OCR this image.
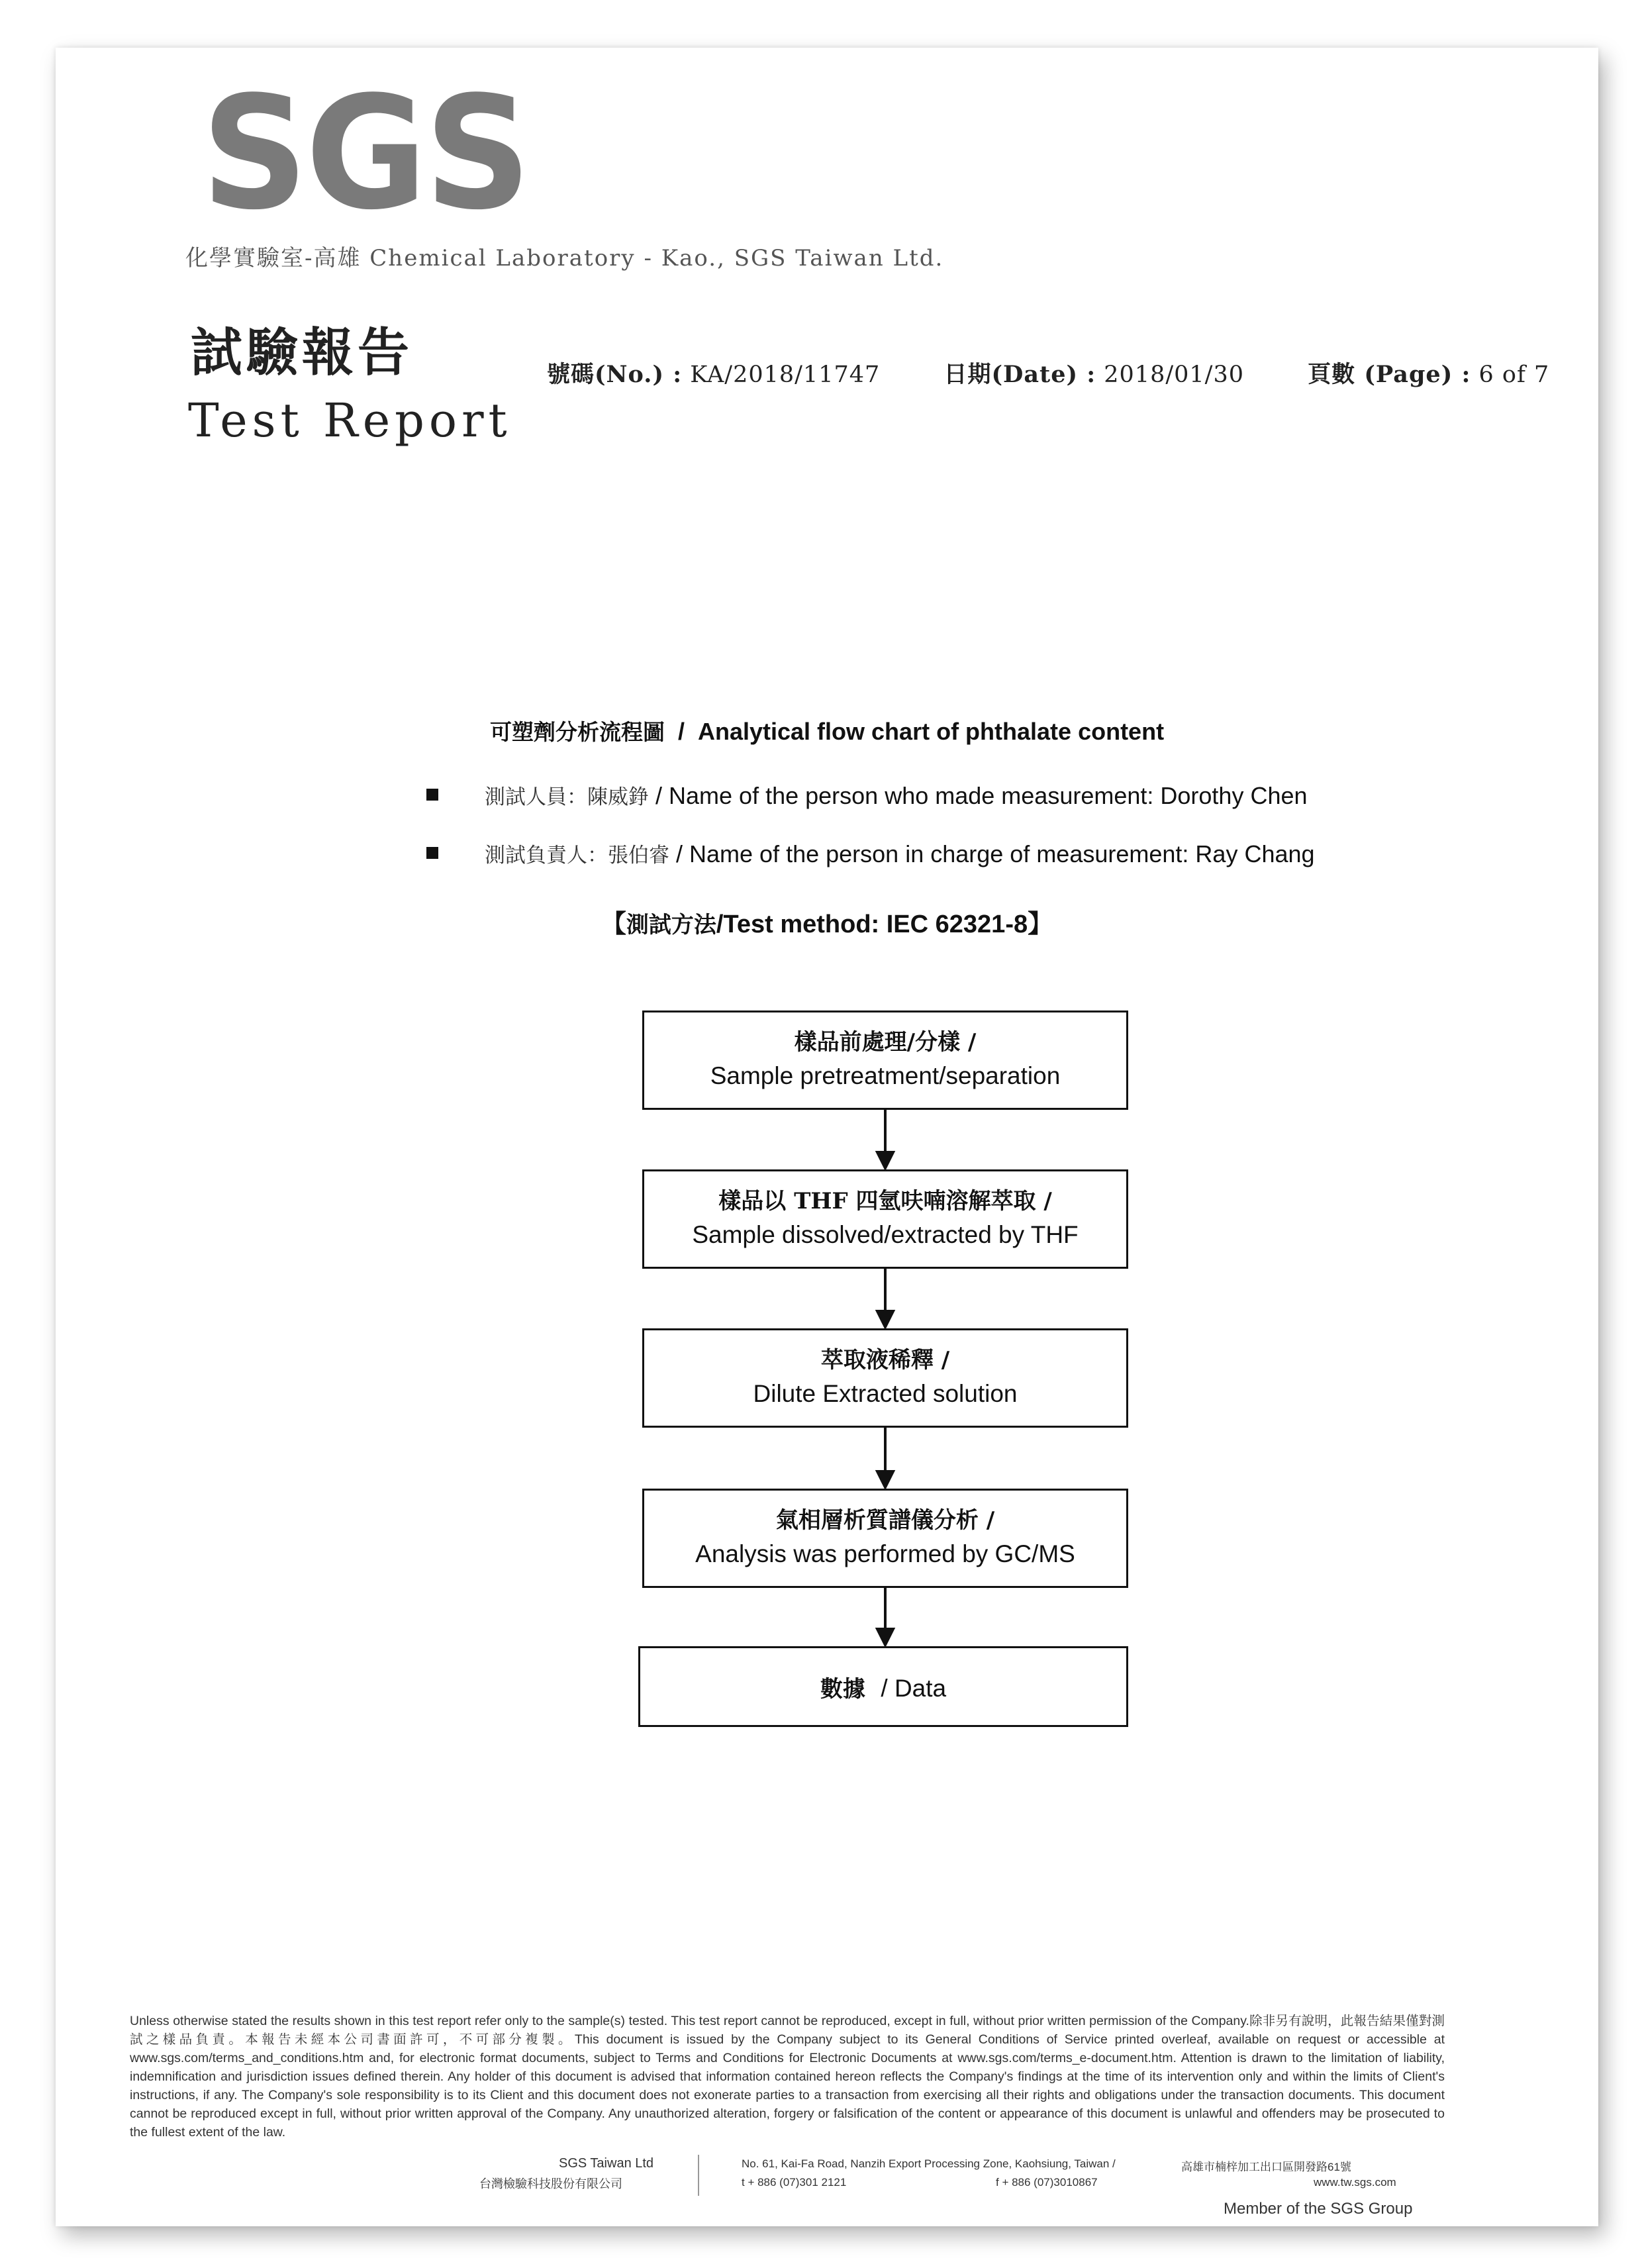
SGS
化學實驗室-高雄 Chemical Laboratory - Kao., SGS Taiwan Ltd.
試驗報告
Test Report
號碼(No.) : KA/2018/11747	日期(Date) : 2018/01/30	頁數 (Page) : 6 of 7
可塑劑分析流程圖 / Analytical flow chart of phthalate content
測試人員：陳威錚 / Name of the person who made measurement: Dorothy Chen
測試負責人：張伯睿 / Name of the person in charge of measurement: Ray Chang
【測試方法/Test method: IEC 62321-8】
樣品前處理/分樣 /
Sample pretreatment/separation
樣品以 THF 四氫呋喃溶解萃取 /
Sample dissolved/extracted by THF
萃取液稀釋 /
Dilute Extracted solution
氣相層析質譜儀分析 /
Analysis was performed by GC/MS
數據 / Data
Unless otherwise stated the results shown in this test report refer only to the sample(s) tested. This test report cannot be reproduced, except in full, without prior written permission of the Company.除非另有說明，此報告結果僅對測試之樣品負責。本報告未經本公司書面許可，不可部分複製。This document is issued by the Company subject to its General Conditions of Service printed overleaf, available on request or accessible at www.sgs.com/terms_and_conditions.htm and, for electronic format documents, subject to Terms and Conditions for Electronic Documents at www.sgs.com/terms_e-document.htm. Attention is drawn to the limitation of liability, indemnification and jurisdiction issues defined therein. Any holder of this document is advised that information contained hereon reflects the Company's findings at the time of its intervention only and within the limits of Client's instructions, if any. The Company's sole responsibility is to its Client and this document does not exonerate parties to a transaction from exercising all their rights and obligations under the transaction documents. This document cannot be reproduced except in full, without prior written approval of the Company. Any unauthorized alteration, forgery or falsification of the content or appearance of this document is unlawful and offenders may be prosecuted to the fullest extent of the law.
SGS Taiwan Ltd
台灣檢驗科技股份有限公司
No. 61, Kai-Fa Road, Nanzih Export Processing Zone, Kaohsiung, Taiwan /
t + 886 (07)301 2121	f + 886 (07)3010867
高雄市楠梓加工出口區開發路61號
www.tw.sgs.com
Member of the SGS Group
